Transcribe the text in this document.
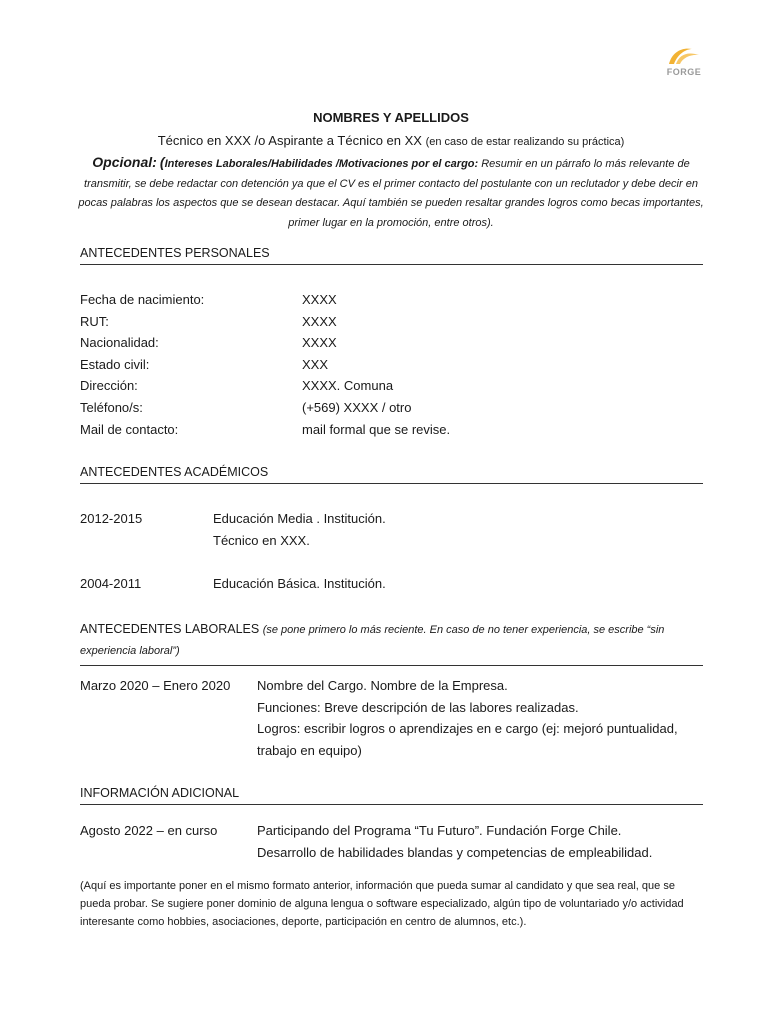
FORGE
NOMBRES Y APELLIDOS
Técnico en XXX /o Aspirante a Técnico en XX (en caso de estar realizando su práctica)
Opcional: (Intereses Laborales/Habilidades /Motivaciones por el cargo: Resumir en un párrafo lo más relevante de transmitir, se debe redactar con detención ya que el CV es el primer contacto del postulante con un reclutador y debe decir en pocas palabras los aspectos que se desean destacar. Aquí también se pueden resaltar grandes logros como becas importantes, primer lugar en la promoción, entre otros).
ANTECEDENTES PERSONALES
Fecha de nacimiento:	XXXX
RUT:	XXXX
Nacionalidad:	XXXX
Estado civil:	XXX
Dirección:	XXXX. Comuna
Teléfono/s:	(+569) XXXX / otro
Mail de contacto:	mail formal que se revise.
ANTECEDENTES ACADÉMICOS
2012-2015	Educación Media . Institución.
Técnico en XXX.
2004-2011	Educación Básica. Institución.
ANTECEDENTES LABORALES (se pone primero lo más reciente. En caso de no tener experiencia, se escribe “sin experiencia laboral”)
Marzo 2020 – Enero 2020 Nombre del Cargo. Nombre de la Empresa.
Funciones: Breve descripción de las labores realizadas.
Logros: escribir logros o aprendizajes en e cargo (ej: mejoró puntualidad, trabajo en equipo)
INFORMACIÓN ADICIONAL
Agosto 2022 – en curso	Participando del Programa “Tu Futuro”. Fundación Forge Chile.
Desarrollo de habilidades blandas y competencias de empleabilidad.
(Aquí es importante poner en el mismo formato anterior, información que pueda sumar al candidato y que sea real, que se pueda probar. Se sugiere poner dominio de alguna lengua o software especializado, algún tipo de voluntariado y/o actividad interesante como hobbies, asociaciones, deporte, participación en centro de alumnos, etc.).
